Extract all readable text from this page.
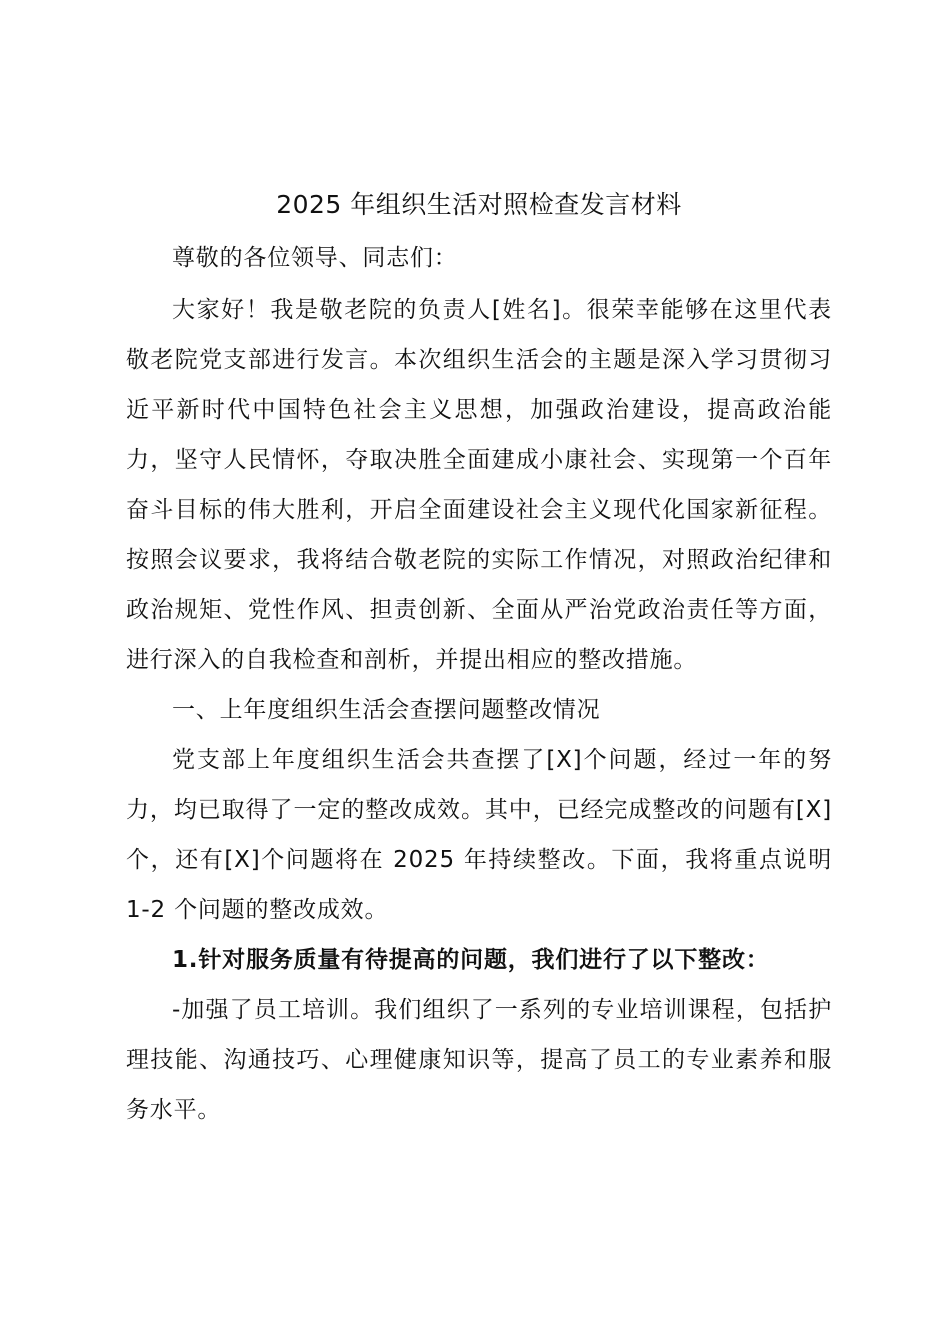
2025 年组织生活对照检查发言材料

尊敬的各位领导、同志们：

大家好！我是敬老院的负责人[姓名]。很荣幸能够在这里代表敬老院党支部进行发言。本次组织生活会的主题是深入学习贯彻习近平新时代中国特色社会主义思想，加强政治建设，提高政治能力，坚守人民情怀，夺取决胜全面建成小康社会、实现第一个百年奋斗目标的伟大胜利，开启全面建设社会主义现代化国家新征程。按照会议要求，我将结合敬老院的实际工作情况，对照政治纪律和政治规矩、党性作风、担责创新、全面从严治党政治责任等方面，进行深入的自我检查和剖析，并提出相应的整改措施。

一、上年度组织生活会查摆问题整改情况

党支部上年度组织生活会共查摆了[X]个问题，经过一年的努力，均已取得了一定的整改成效。其中，已经完成整改的问题有[X]个，还有[X]个问题将在 2025 年持续整改。下面，我将重点说明 1-2 个问题的整改成效。

1.针对服务质量有待提高的问题，我们进行了以下整改：

-加强了员工培训。我们组织了一系列的专业培训课程，包括护理技能、沟通技巧、心理健康知识等，提高了员工的专业素养和服务水平。
